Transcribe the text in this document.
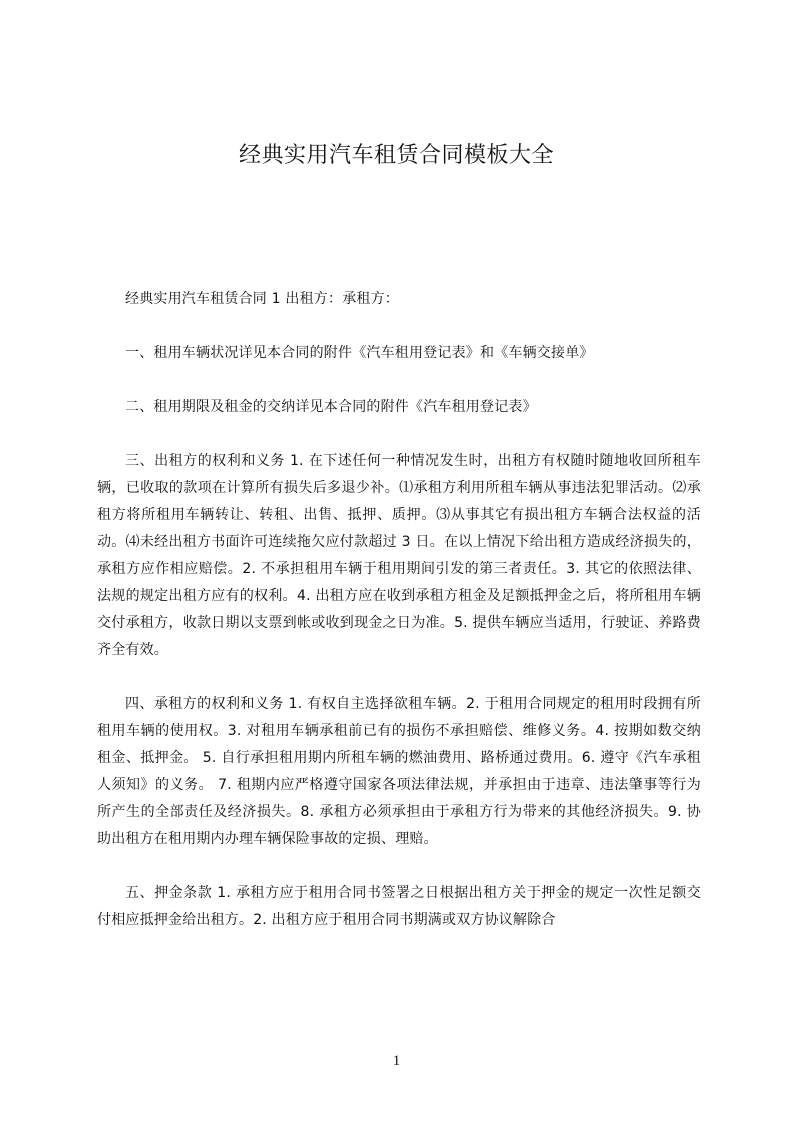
经典实用汽车租赁合同模板大全

经典实用汽车租赁合同 1 出租方：承租方：

一、租用车辆状况详见本合同的附件《汽车租用登记表》和《车辆交接单》

二、租用期限及租金的交纳详见本合同的附件《汽车租用登记表》

三、出租方的权利和义务 1. 在下述任何一种情况发生时，出租方有权随时随地收回所租车辆，已收取的款项在计算所有损失后多退少补。⑴承租方利用所租车辆从事违法犯罪活动。⑵承租方将所租用车辆转让、转租、出售、抵押、质押。⑶从事其它有损出租方车辆合法权益的活动。⑷未经出租方书面许可连续拖欠应付款超过 3 日。在以上情况下给出租方造成经济损失的，承租方应作相应赔偿。2. 不承担租用车辆于租用期间引发的第三者责任。3. 其它的依照法律、法规的规定出租方应有的权利。4. 出租方应在收到承租方租金及足额抵押金之后，将所租用车辆交付承租方，收款日期以支票到帐或收到现金之日为准。5. 提供车辆应当适用，行驶证、养路费齐全有效。

四、承租方的权利和义务 1. 有权自主选择欲租车辆。2. 于租用合同规定的租用时段拥有所租用车辆的使用权。3. 对租用车辆承租前已有的损伤不承担赔偿、维修义务。4. 按期如数交纳租金、抵押金。 5. 自行承担租用期内所租车辆的燃油费用、路桥通过费用。6. 遵守《汽车承租人须知》的义务。 7. 租期内应严格遵守国家各项法律法规，并承担由于违章、违法肇事等行为所产生的全部责任及经济损失。8. 承租方必须承担由于承租方行为带来的其他经济损失。9. 协助出租方在租用期内办理车辆保险事故的定损、理赔。

五、押金条款 1. 承租方应于租用合同书签署之日根据出租方关于押金的规定一次性足额交付相应抵押金给出租方。2. 出租方应于租用合同书期满或双方协议解除合

1
